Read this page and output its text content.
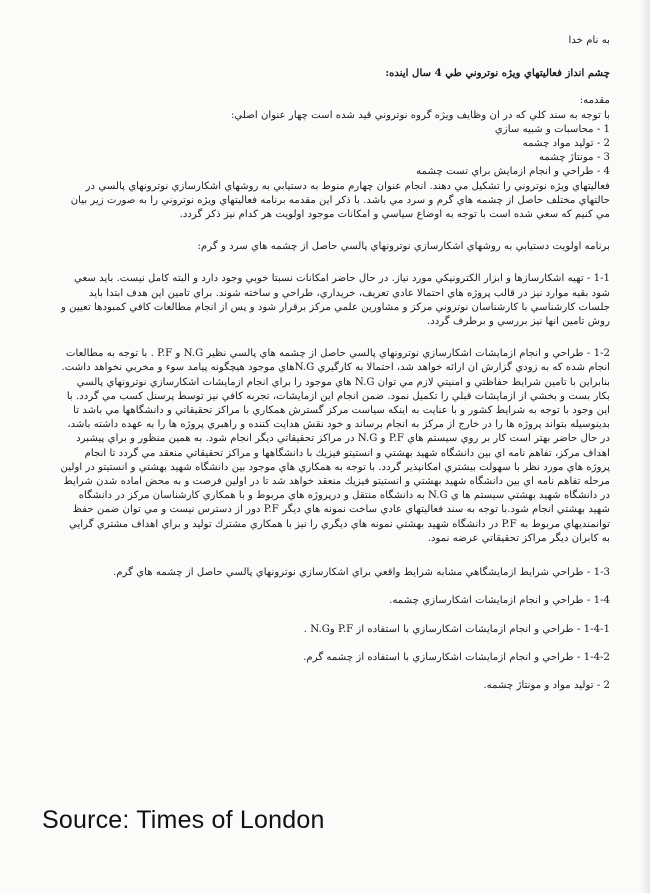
به نام خدا

چشم انداز فعاليتهاي ويژه نوتروني طي 4 سال اينده:

مقدمه:

با توجه به سند كلي كه در ان وظايف ويژه گروه نوتروني قيد شده است چهار عنوان اصلي:

1 - محاسبات و شبيه سازي
2 - توليد مواد چشمه
3 - مونتاژ چشمه
4 - طراحي و انجام ازمايش براي تست چشمه

فعاليتهاي ويژه نوتروني را تشكيل مي دهند. انجام عنوان چهارم منوط به دستيابي به روشهاي اشكارسازي نوترونهاي پالسي در حالتهاي مختلف حاصل از چشمه هاي گرم و سرد مي باشد. با ذكر اين مقدمه برنامه فعاليتهاي ويژه نوتروني را به صورت زير بيان مي كنيم كه سعي شده است با توجه به اوضاع سياسي و امكانات موجود اولويت هر كدام نيز ذكر گردد.

برنامه اولويت دستيابي به روشهاي اشكارسازي نوترونهاي پالسي حاصل از چشمه هاي سرد و گرم:

1-1 - تهيه اشكارسازها و ابزار الكترونيكي مورد نياز. در حال حاضر امكانات نسبتا خوبي وجود دارد و البته كامل نيست. بايد سعي شود بقيه موارد نيز در قالب پروژه هاي احتمالا عادي تعريف، خريداري، طراحي و ساخته شوند. براي تامين اين هدف ابتدا بايد جلسات كارشناسي با كارشناسان نوتروني مركز و مشاورين علمي مركز برقرار شود و پس از انجام مطالعات كافي كمبودها تعيين و روش تامين انها نيز بررسي و برطرف گردد.

1-2 - طراحي و انجام ازمايشات اشكارسازي نوترونهاي پالسي حاصل از چشمه هاي پالسي نظير N.G و P.F . با توجه به مطالعات انجام شده كه به زودي گزارش ان ارائه خواهد شد، احتمالا به كارگيري N.Gهاي موجود هيچگونه پيامد سوء و مخربي نخواهد داشت. بنابراين با تامين شرايط حفاظتي و امنيتي لازم مي توان N.G هاي موجود را براي انجام ازمايشات اشكارسازي نوترونهاي پالسي بكار بست و بخشي از ازمايشات قبلي را تكميل نمود. ضمن انجام اين ازمايشات، تجربه كافي نيز توسط پرسنل كسب مي گردد. با اين وجود با توجه به شرايط كشور و با عنايت به اينكه سياست مركز گسترش همكاري با مراكز تحقيقاتي و دانشگاهها مي باشد تا بدينوسيله بتواند پروژه ها را در خارج از مركز به انجام برساند و خود نقش هدايت كننده و راهبري پروژه ها را به عهده داشته باشد، در حال حاضر بهتر است كار بر روي سيستم هاي P.F و N.G در مراكز تحقيقاتي ديگر انجام شود. به همين منظور و براي پيشبرد اهداف مركز، تفاهم نامه اي بين دانشگاه شهيد بهشتي و انستيتو فيزيك با دانشگاهها و مراكز تحقيقاتي منعقد مي گردد تا انجام پروژه هاي مورد نظر با سهولت بيشتري امكانپذير گردد. با توجه به همكاري هاي موجود بين دانشگاه شهيد بهشتي و انستيتو در اولين مرحله تفاهم نامه اي بين دانشگاه شهيد بهشتي و انستيتو فيزيك منعقد خواهد شد تا در اولين فرصت و به محض اماده شدن شرايط در دانشگاه شهيد بهشتي سيستم ها ي N.G به دانشگاه منتقل و درپروژه هاي مربوط و با همكاري كارشناسان مركز در دانشگاه شهيد بهشتي انجام شود.با توجه به سند فعاليتهاي عادي ساخت نمونه هاي ديگر P.F دور از دسترس نيست و مي توان ضمن حفظ توانمنديهاي مربوط به P.F در دانشگاه شهيد بهشتي نمونه هاي ديگري را نيز با همكاري مشترك توليد و براي اهداف مشتري گرايي به كابران ديگر مراكز تحقيقاتي عرضه نمود.

1-3 - طراحي شرايط ازمايشگاهي مشابه شرايط واقعي براي اشكارسازي نوترونهاي پالسي حاصل از چشمه هاي گرم.

1-4 - طراحي و انجام ازمايشات اشكارسازي چشمه.

1-4-1 - طراحي و انجام ازمايشات اشكارسازي با استفاده از P.F وN.G .

1-4-2 - طراحي و انجام ازمايشات اشكارسازي با استفاده از چشمه گرم.

2 - توليد مواد و مونتاژ چشمه.

Source: Times of London
